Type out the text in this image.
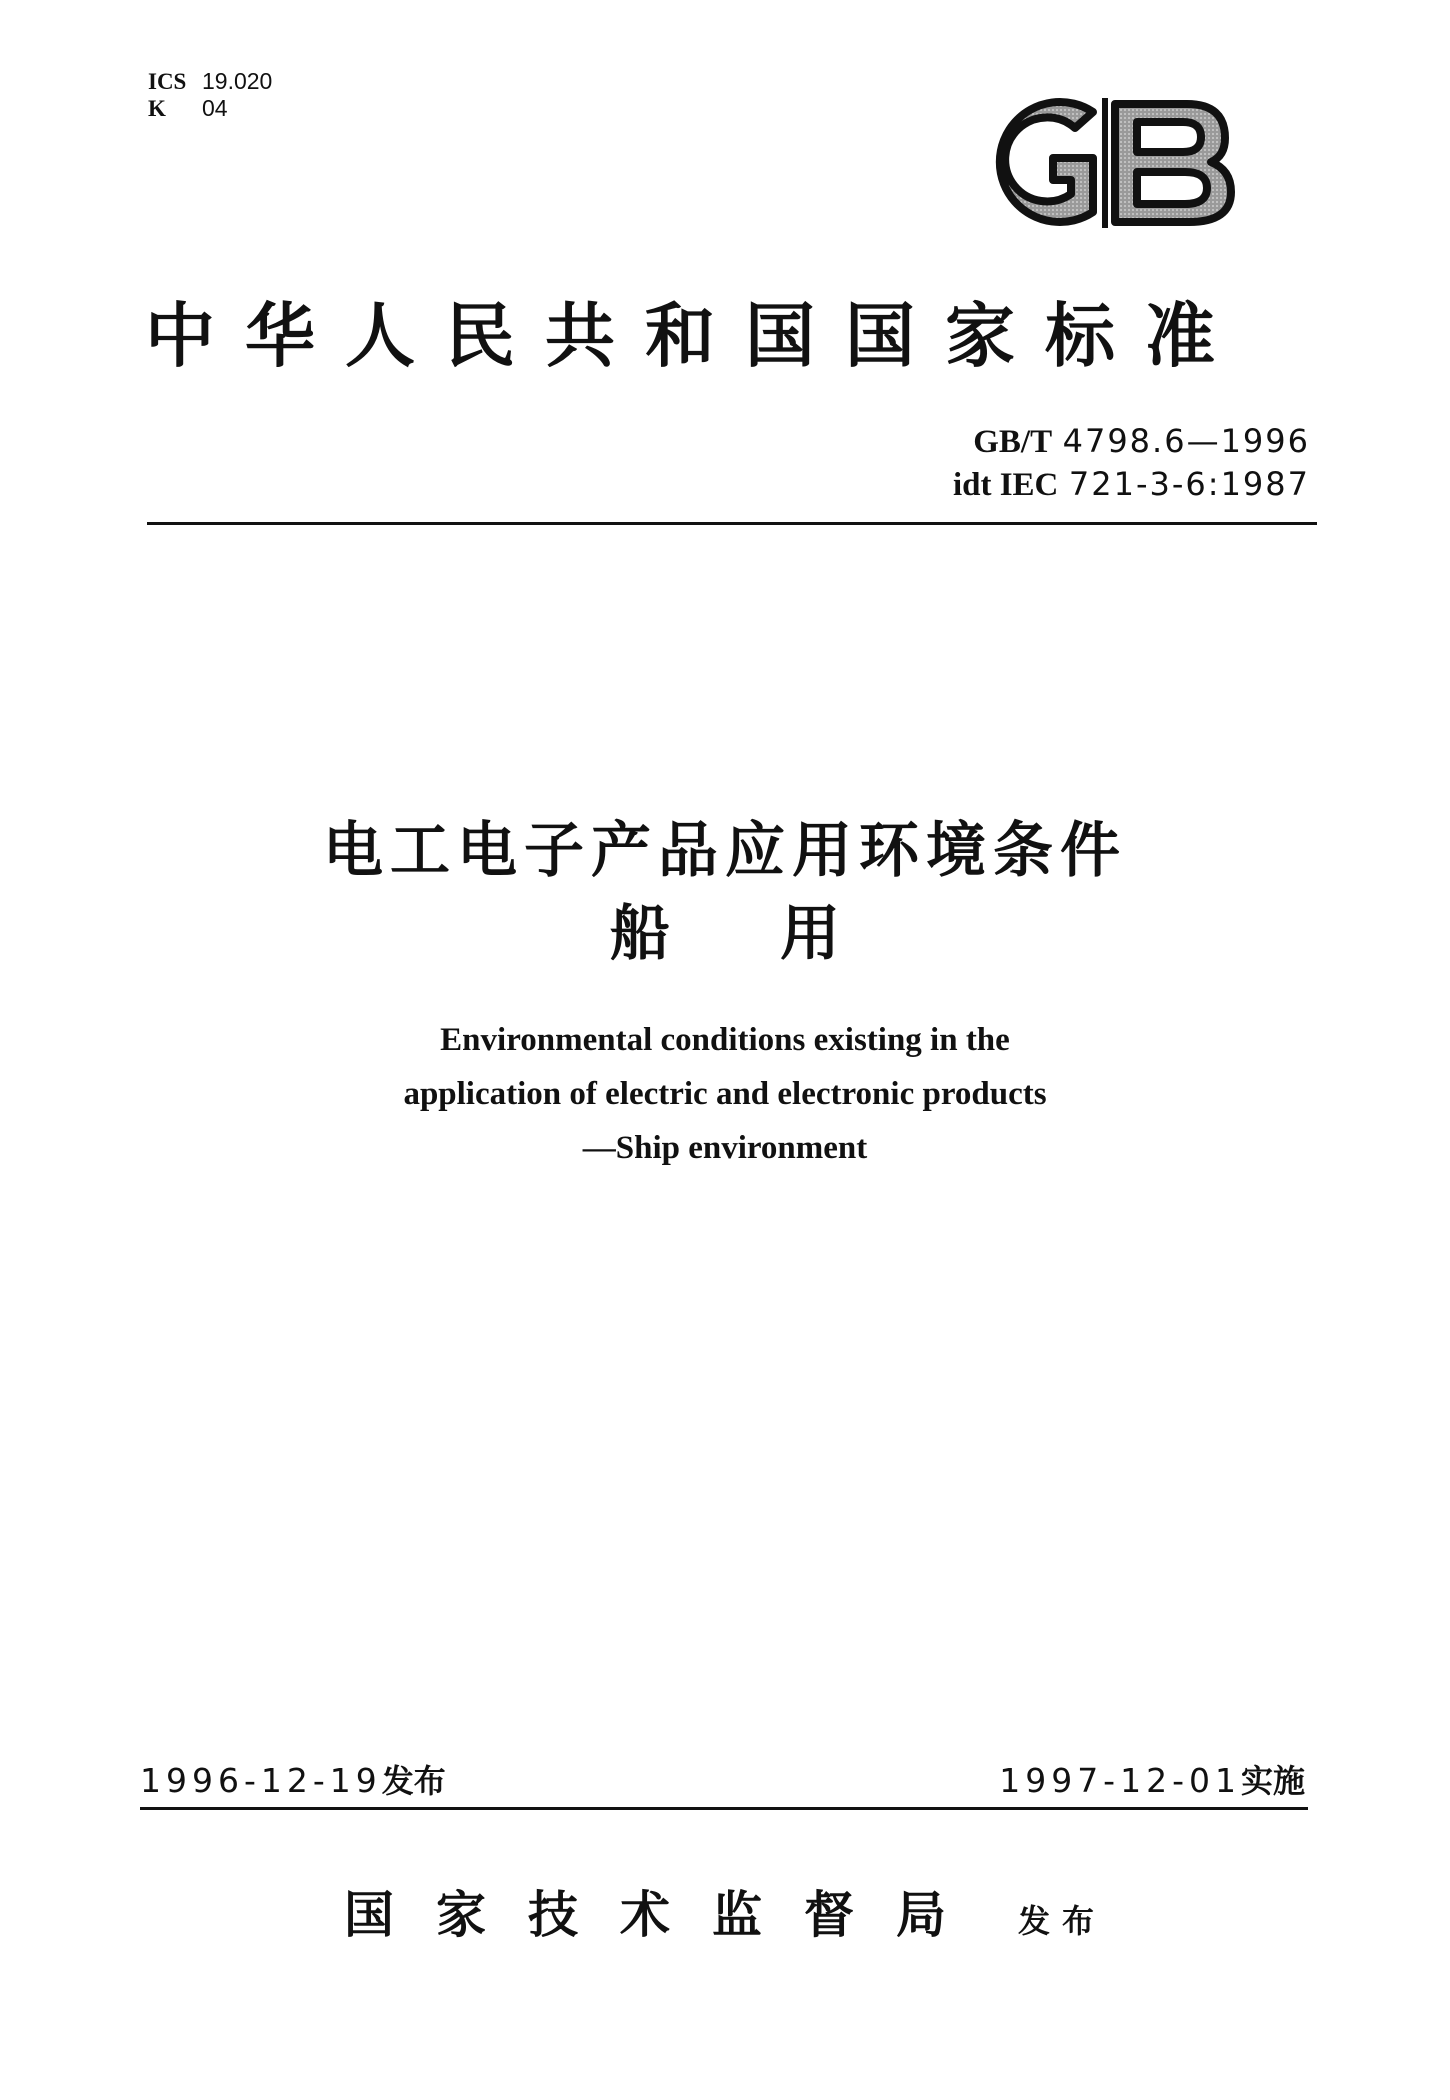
ICS 19.020
K	04
中华人民共和国国家标准
GB/T 4798.6—1996
idt IEC 721-3-6:1987
电工电子产品应用环境条件
船 用
Environmental conditions existing in the
application of electric and electronic products
—Ship environment
1996-12-19发布	1997-12-01实施
国家技术监督局 发布
